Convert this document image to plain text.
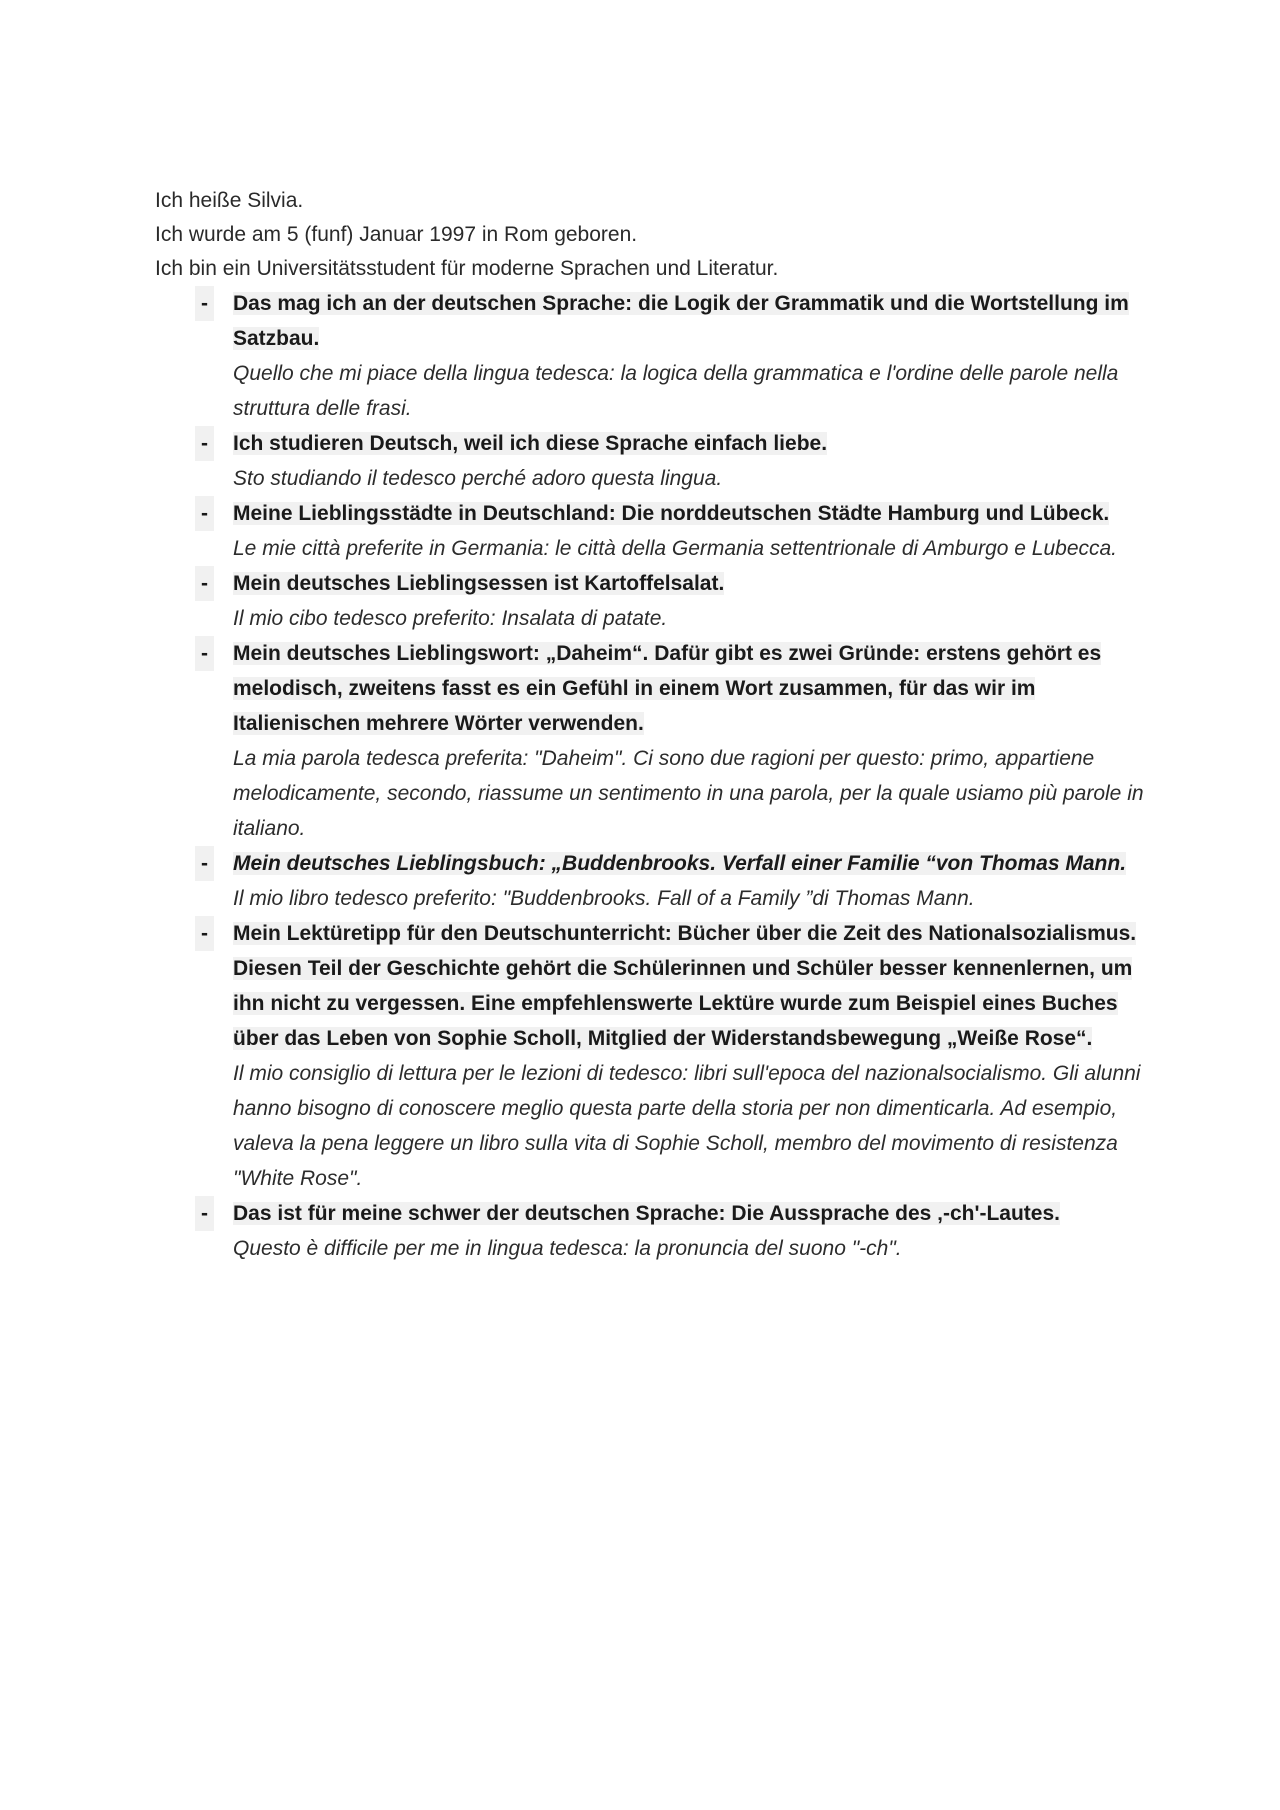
Ich heiße Silvia.

Ich wurde am 5 (funf) Januar 1997 in Rom geboren.

Ich bin ein Universitätsstudent für moderne Sprachen und Literatur.

- Das mag ich an der deutschen Sprache: die Logik der Grammatik und die Wortstellung im Satzbau.

Quello che mi piace della lingua tedesca: la logica della grammatica e l'ordine delle parole nella struttura delle frasi.

- Ich studieren Deutsch, weil ich diese Sprache einfach liebe.

Sto studiando il tedesco perché adoro questa lingua.

- Meine Lieblingsstädte in Deutschland: Die norddeutschen Städte Hamburg und Lübeck.

Le mie città preferite in Germania: le città della Germania settentrionale di Amburgo e Lubecca.

- Mein deutsches Lieblingsessen ist Kartoffelsalat.

Il mio cibo tedesco preferito: Insalata di patate.

- Mein deutsches Lieblingswort: „Daheim“. Dafür gibt es zwei Gründe: erstens gehört es melodisch, zweitens fasst es ein Gefühl in einem Wort zusammen, für das wir im Italienischen mehrere Wörter verwenden.

La mia parola tedesca preferita: "Daheim". Ci sono due ragioni per questo: primo, appartiene melodicamente, secondo, riassume un sentimento in una parola, per la quale usiamo più parole in italiano.

- Mein deutsches Lieblingsbuch: „Buddenbrooks. Verfall einer Familie “von Thomas Mann.

Il mio libro tedesco preferito: "Buddenbrooks. Fall of a Family ”di Thomas Mann.

- Mein Lektüretipp für den Deutschunterricht: Bücher über die Zeit des Nationalsozialismus. Diesen Teil der Geschichte gehört die Schülerinnen und Schüler besser kennenlernen, um ihn nicht zu vergessen. Eine empfehlenswerte Lektüre wurde zum Beispiel eines Buches über das Leben von Sophie Scholl, Mitglied der Widerstandsbewegung „Weiße Rose“.

Il mio consiglio di lettura per le lezioni di tedesco: libri sull'epoca del nazionalsocialismo. Gli alunni hanno bisogno di conoscere meglio questa parte della storia per non dimenticarla. Ad esempio, valeva la pena leggere un libro sulla vita di Sophie Scholl, membro del movimento di resistenza "White Rose".

- Das ist für meine schwer der deutschen Sprache: Die Aussprache des ‚-ch'-Lautes.

Questo è difficile per me in lingua tedesca: la pronuncia del suono "-ch".
